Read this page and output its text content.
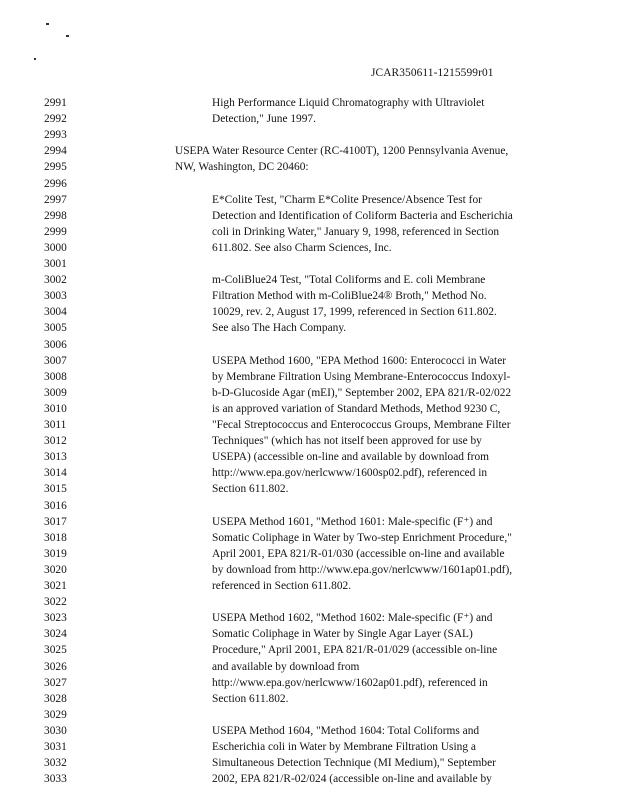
JCAR350611-1215599r01
2991	High Performance Liquid Chromatography with Ultraviolet
2992	Detection," June 1997.
2993
2994	USEPA Water Resource Center (RC-4100T), 1200 Pennsylvania Avenue,
2995	NW, Washington, DC 20460:
2996
2997	E*Colite Test, "Charm E*Colite Presence/Absence Test for
2998	Detection and Identification of Coliform Bacteria and Escherichia
2999	coli in Drinking Water," January 9, 1998, referenced in Section
3000	611.802. See also Charm Sciences, Inc.
3001
3002	m-ColiBlue24 Test, "Total Coliforms and E. coli Membrane
3003	Filtration Method with m-ColiBlue24® Broth," Method No.
3004	10029, rev. 2, August 17, 1999, referenced in Section 611.802.
3005	See also The Hach Company.
3006
3007	USEPA Method 1600, "EPA Method 1600: Enterococci in Water
3008	by Membrane Filtration Using Membrane-Enterococcus Indoxyl-
3009	b-D-Glucoside Agar (mEI)," September 2002, EPA 821/R-02/022
3010	is an approved variation of Standard Methods, Method 9230 C,
3011	"Fecal Streptococcus and Enterococcus Groups, Membrane Filter
3012	Techniques" (which has not itself been approved for use by
3013	USEPA) (accessible on-line and available by download from
3014	http://www.epa.gov/nerlcwww/1600sp02.pdf), referenced in
3015	Section 611.802.
3016
3017	USEPA Method 1601, "Method 1601: Male-specific (F⁺) and
3018	Somatic Coliphage in Water by Two-step Enrichment Procedure,"
3019	April 2001, EPA 821/R-01/030 (accessible on-line and available
3020	by download from http://www.epa.gov/nerlcwww/1601ap01.pdf),
3021	referenced in Section 611.802.
3022
3023	USEPA Method 1602, "Method 1602: Male-specific (F⁺) and
3024	Somatic Coliphage in Water by Single Agar Layer (SAL)
3025	Procedure," April 2001, EPA 821/R-01/029 (accessible on-line
3026	and available by download from
3027	http://www.epa.gov/nerlcwww/1602ap01.pdf), referenced in
3028	Section 611.802.
3029
3030	USEPA Method 1604, "Method 1604: Total Coliforms and
3031	Escherichia coli in Water by Membrane Filtration Using a
3032	Simultaneous Detection Technique (MI Medium)," September
3033	2002, EPA 821/R-02/024 (accessible on-line and available by
